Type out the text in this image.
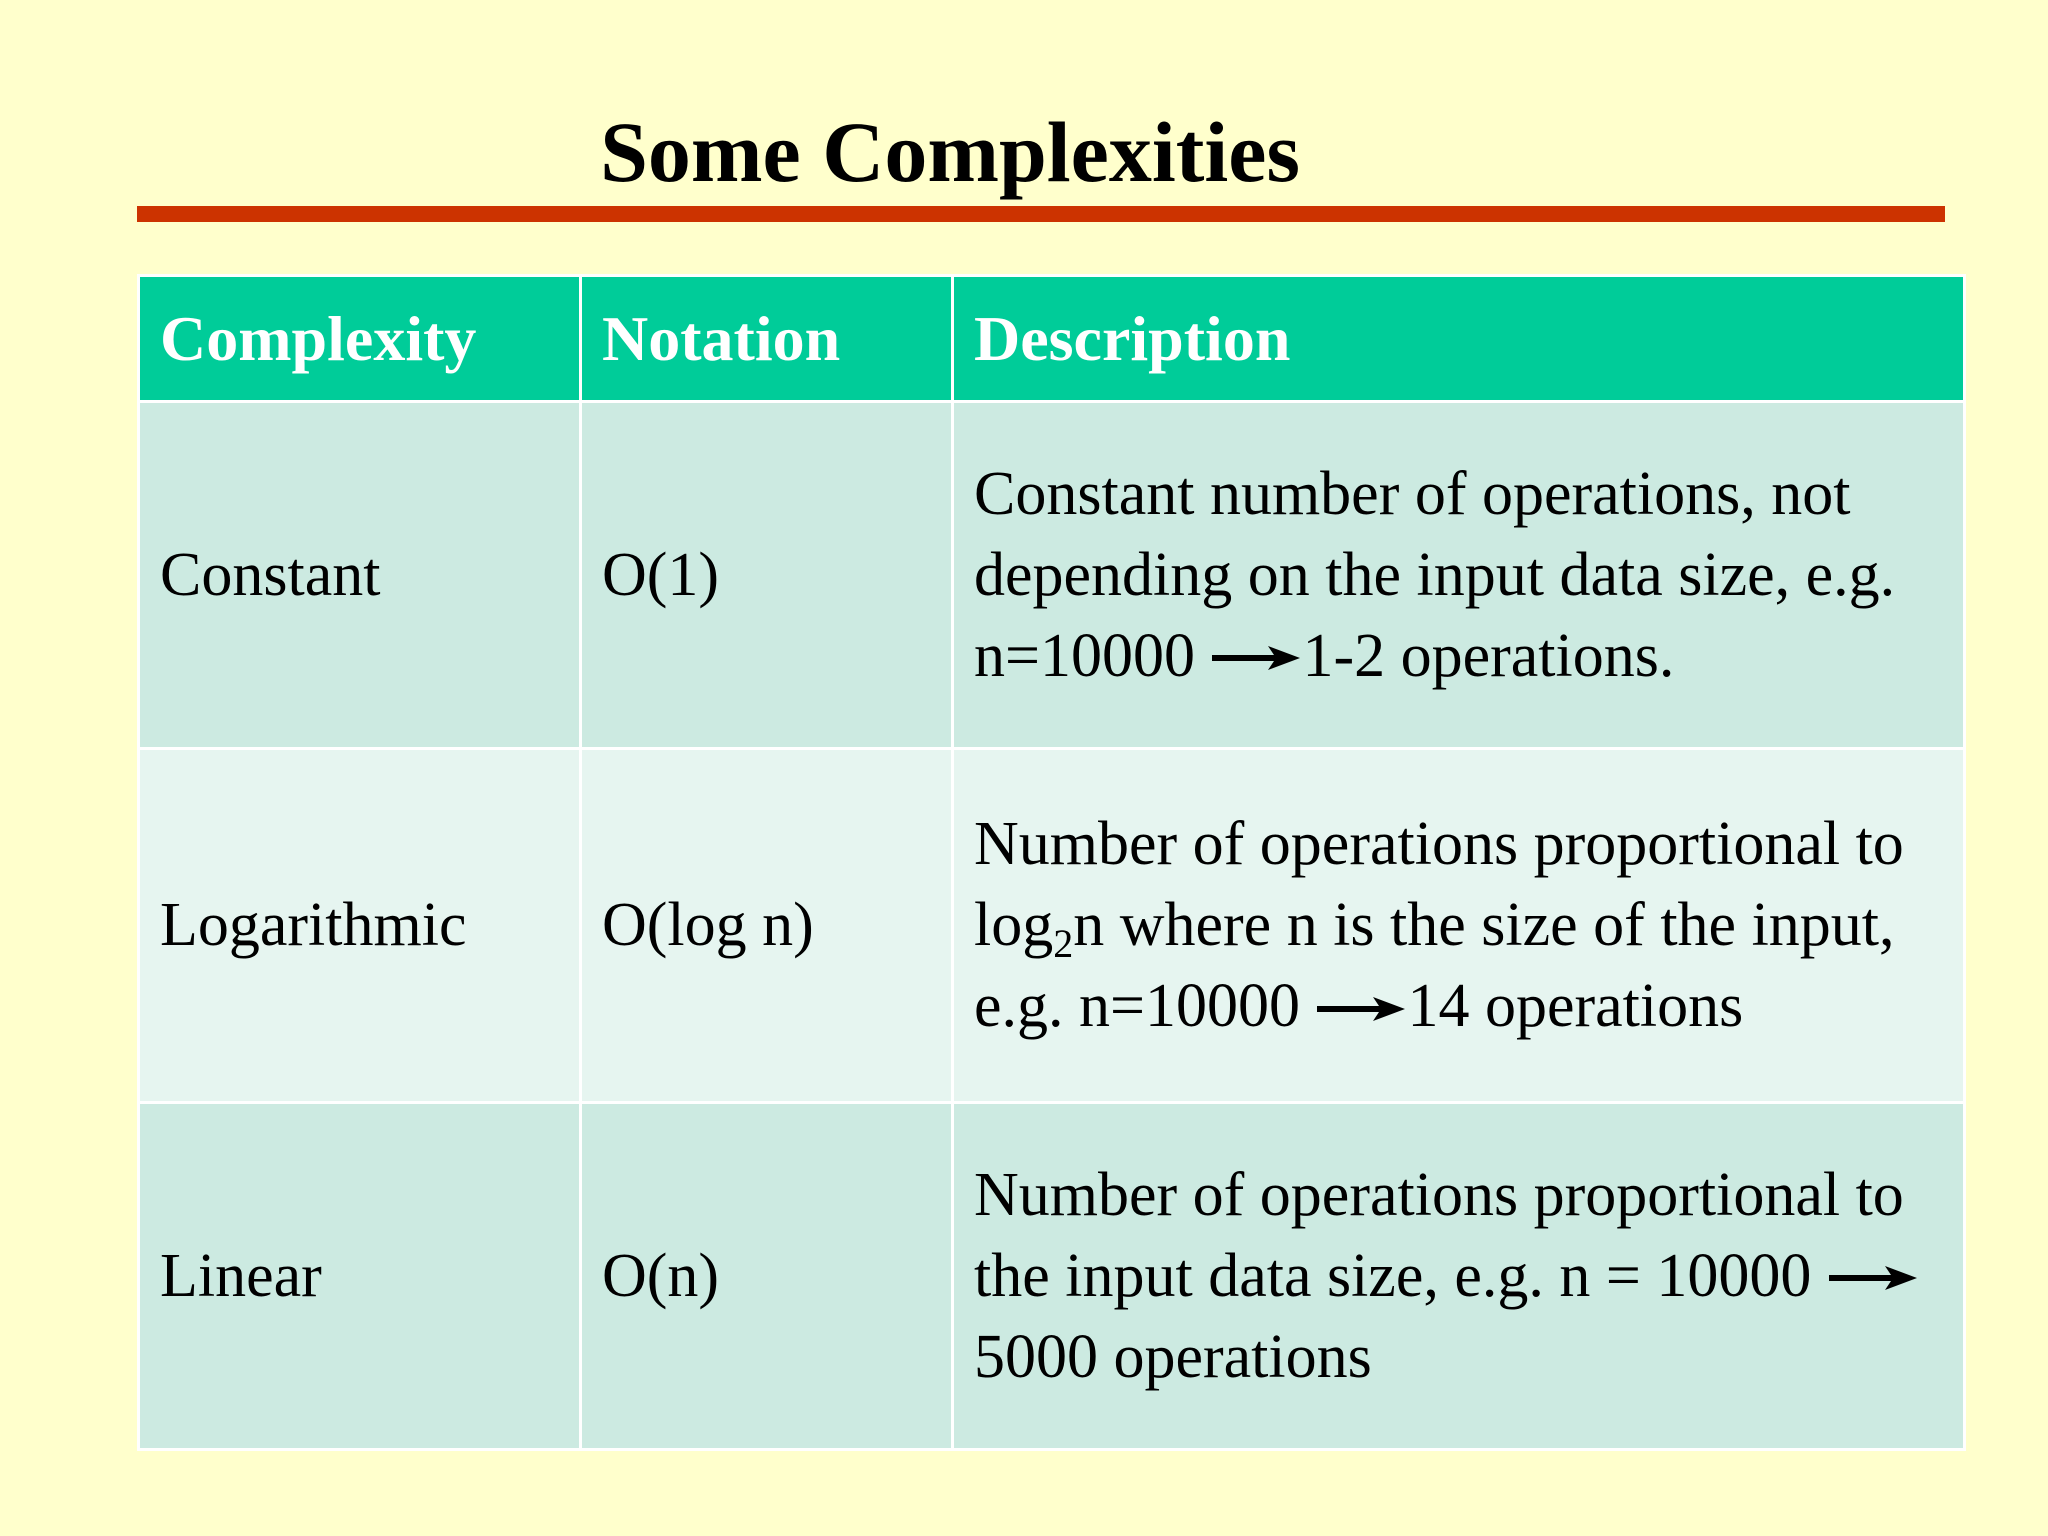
Some Complexities
Complexity	Notation	Description
Constant	O(1)	Constant number of operations, not depending on the input data size, e.g. n=10000 1-2 operations.
Logarithmic	O(log n)	Number of operations proportional to $\log_2n$ where n is the size of the input, e.g. n=10000 14 operations
Linear	O(n)	Number of operations proportional to the input data size, e.g. n = 10000  5000 operations
